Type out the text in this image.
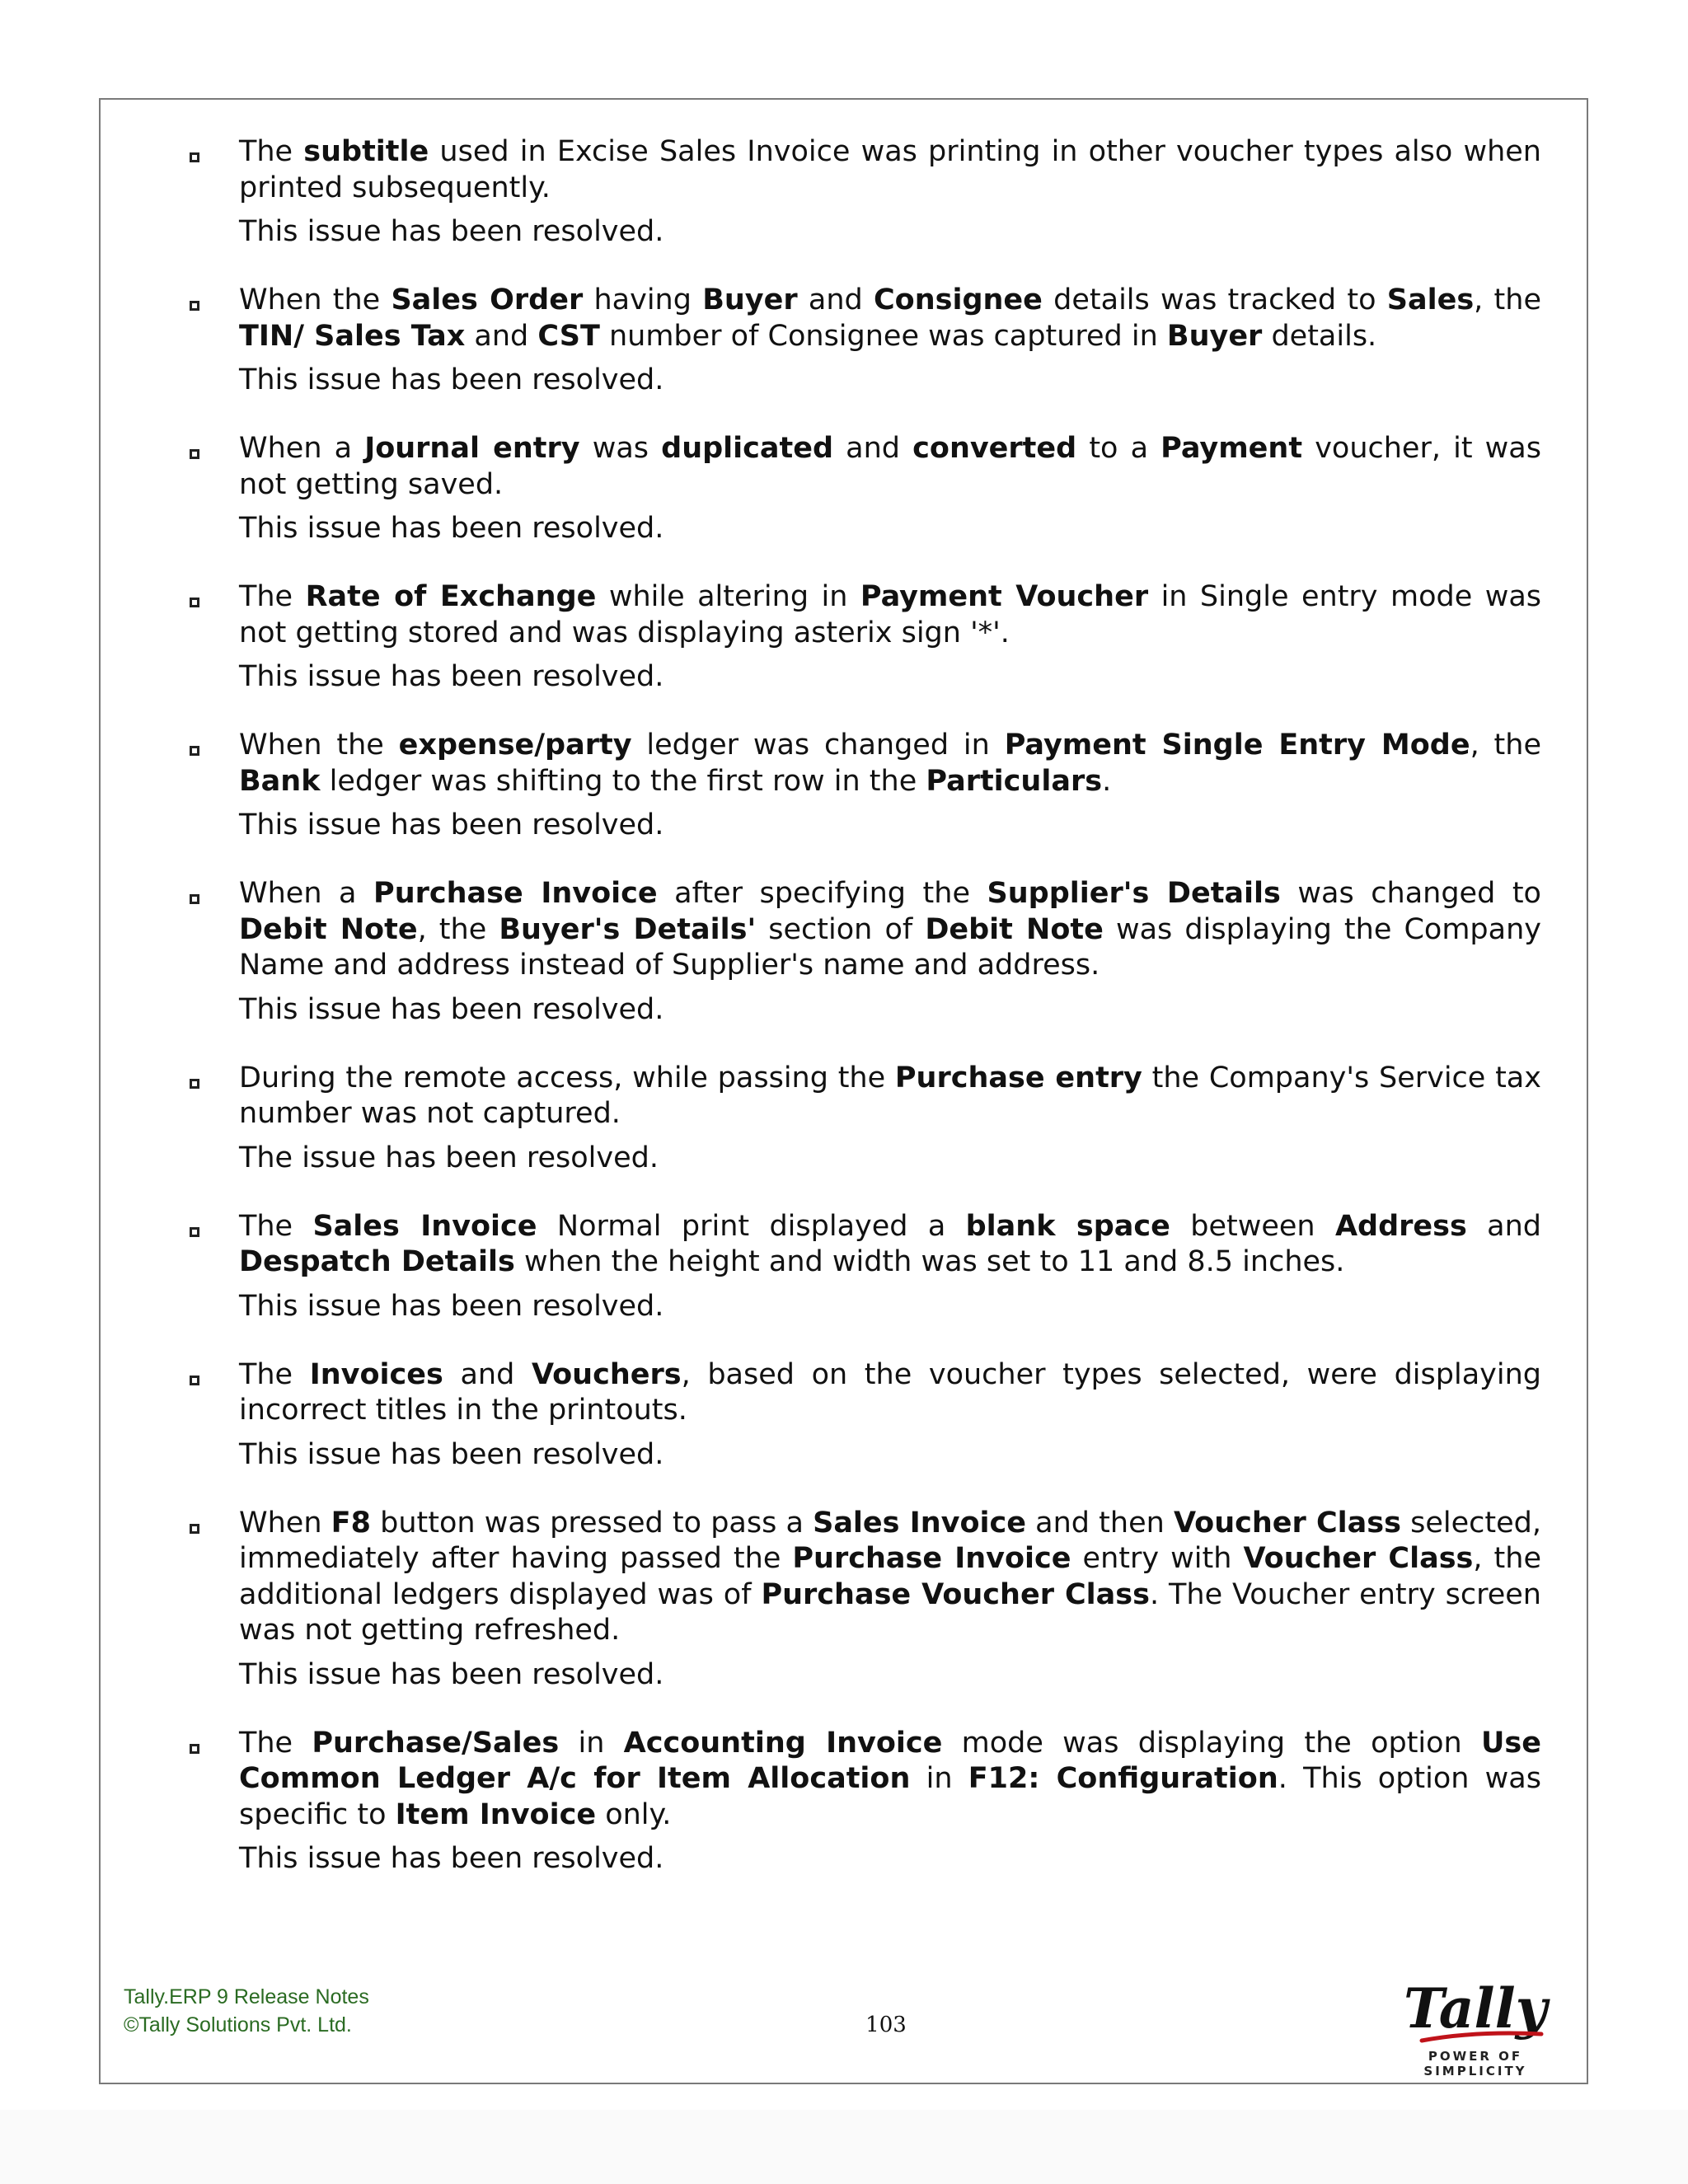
The subtitle used in Excise Sales Invoice was printing in other voucher types also when printed subsequently.

This issue has been resolved.

When the Sales Order having Buyer and Consignee details was tracked to Sales, the TIN/ Sales Tax and CST number of Consignee was captured in Buyer details.

This issue has been resolved.

When a Journal entry was duplicated and converted to a Payment voucher, it was not getting saved.

This issue has been resolved.

The Rate of Exchange while altering in Payment Voucher in Single entry mode was not getting stored and was displaying asterix sign '*'.

This issue has been resolved.

When the expense/party ledger was changed in Payment Single Entry Mode, the Bank ledger was shifting to the first row in the Particulars.

This issue has been resolved.

When a Purchase Invoice after specifying the Supplier's Details was changed to Debit Note, the Buyer's Details' section of Debit Note was displaying the Company Name and address instead of Supplier's name and address.

This issue has been resolved.

During the remote access, while passing the Purchase entry the Company's Service tax number was not captured.

The issue has been resolved.

The Sales Invoice Normal print displayed a blank space between Address and Despatch Details when the height and width was set to 11 and 8.5 inches.

This issue has been resolved.

The Invoices and Vouchers, based on the voucher types selected, were displaying incorrect titles in the printouts.

This issue has been resolved.

When F8 button was pressed to pass a Sales Invoice and then Voucher Class selected, immediately after having passed the Purchase Invoice entry with Voucher Class, the additional ledgers displayed was of Purchase Voucher Class. The Voucher entry screen was not getting refreshed.

This issue has been resolved.

The Purchase/Sales in Accounting Invoice mode was displaying the option Use Common Ledger A/c for Item Allocation in F12: Configuration. This option was specific to Item Invoice only.

This issue has been resolved.

Tally.ERP 9 Release Notes
©Tally Solutions Pvt. Ltd.	103	Tally
POWER OF SIMPLICITY
